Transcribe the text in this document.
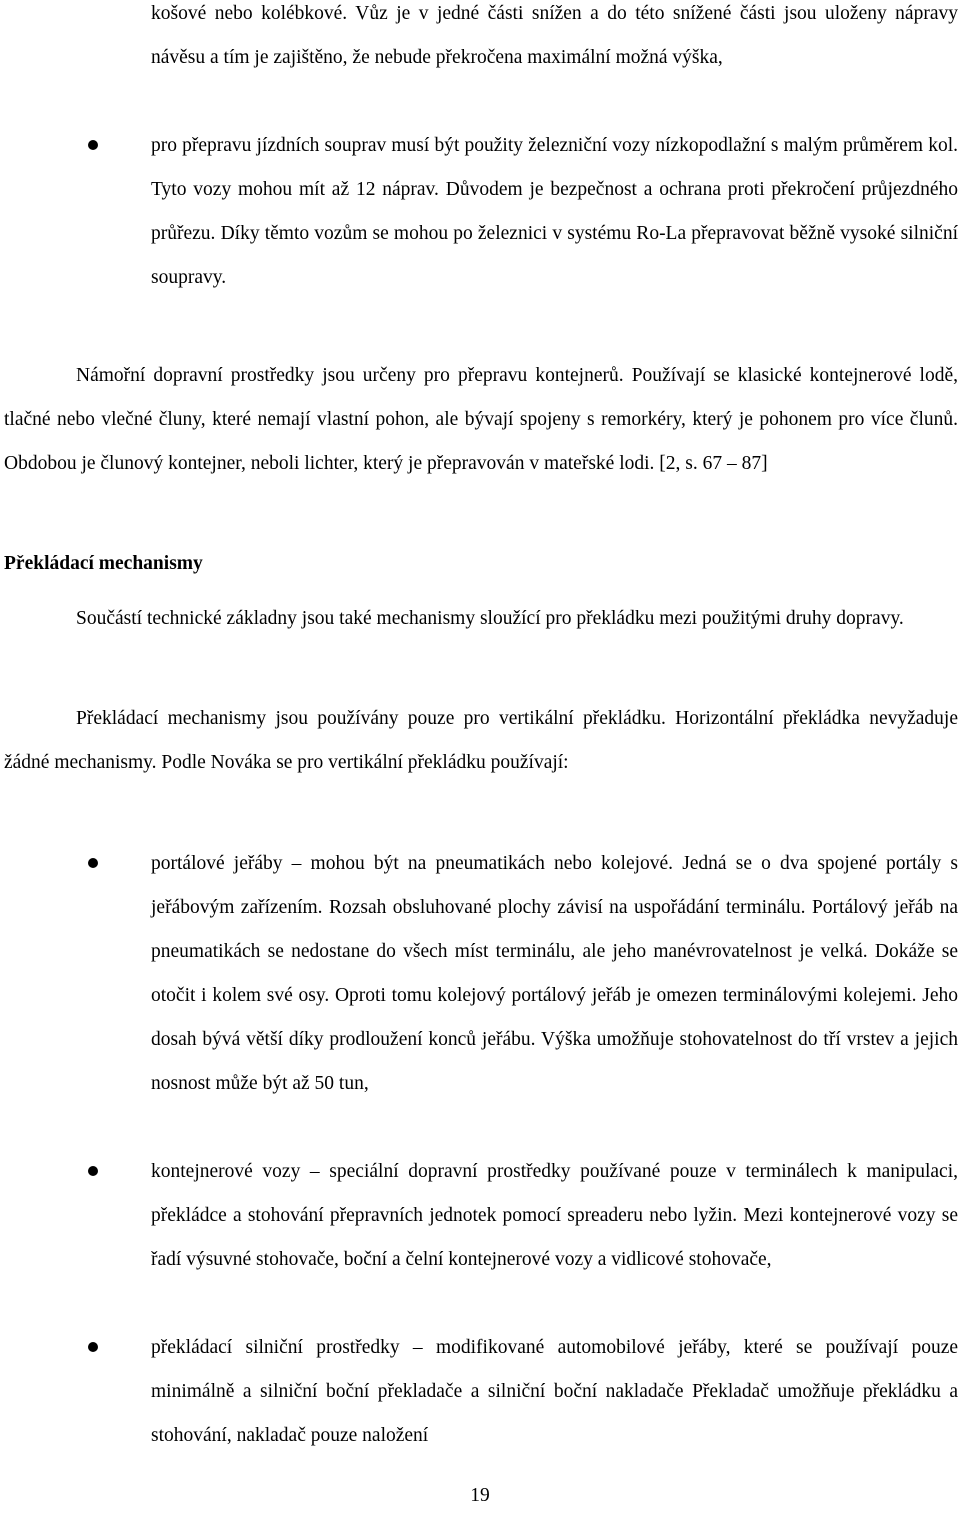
košové nebo kolébkové. Vůz je v jedné části snížen a do této snížené části jsou uloženy nápravy návěsu a tím je zajištěno, že nebude překročena maximální možná výška,

pro přepravu jízdních souprav musí být použity železniční vozy nízkopodlažní s malým průměrem kol. Tyto vozy mohou mít až 12 náprav. Důvodem je bezpečnost a ochrana proti překročení průjezdného průřezu. Díky těmto vozům se mohou po železnici v systému Ro-La přepravovat běžně vysoké silniční soupravy.

Námořní dopravní prostředky jsou určeny pro přepravu kontejnerů. Používají se klasické kontejnerové lodě, tlačné nebo vlečné čluny, které nemají vlastní pohon, ale bývají spojeny s remorkéry, který je pohonem pro více člunů. Obdobou je člunový kontejner, neboli lichter, který je přepravován v mateřské lodi. [2, s. 67 – 87]

Překládací mechanismy

Součástí technické základny jsou také mechanismy sloužící pro překládku mezi použitými druhy dopravy.

Překládací mechanismy jsou používány pouze pro vertikální překládku. Horizontální překládka nevyžaduje žádné mechanismy. Podle Nováka se pro vertikální překládku používají:

portálové jeřáby – mohou být na pneumatikách nebo kolejové. Jedná se o dva spojené portály s jeřábovým zařízením. Rozsah obsluhované plochy závisí na uspořádání terminálu. Portálový jeřáb na pneumatikách se nedostane do všech míst terminálu, ale jeho manévrovatelnost je velká. Dokáže se otočit i kolem své osy. Oproti tomu kolejový portálový jeřáb je omezen terminálovými kolejemi. Jeho dosah bývá větší díky prodloužení konců jeřábu. Výška umožňuje stohovatelnost do tří vrstev a jejich nosnost může být až 50 tun,

kontejnerové vozy – speciální dopravní prostředky používané pouze v terminálech k manipulaci, překládce a stohování přepravních jednotek pomocí spreaderu nebo lyžin. Mezi kontejnerové vozy se řadí výsuvné stohovače, boční a čelní kontejnerové vozy a vidlicové stohovače,

překládací silniční prostředky – modifikované automobilové jeřáby, které se používají pouze minimálně a silniční boční překladače a silniční boční nakladače Překladač umožňuje překládku a stohování, nakladač pouze naložení

19
